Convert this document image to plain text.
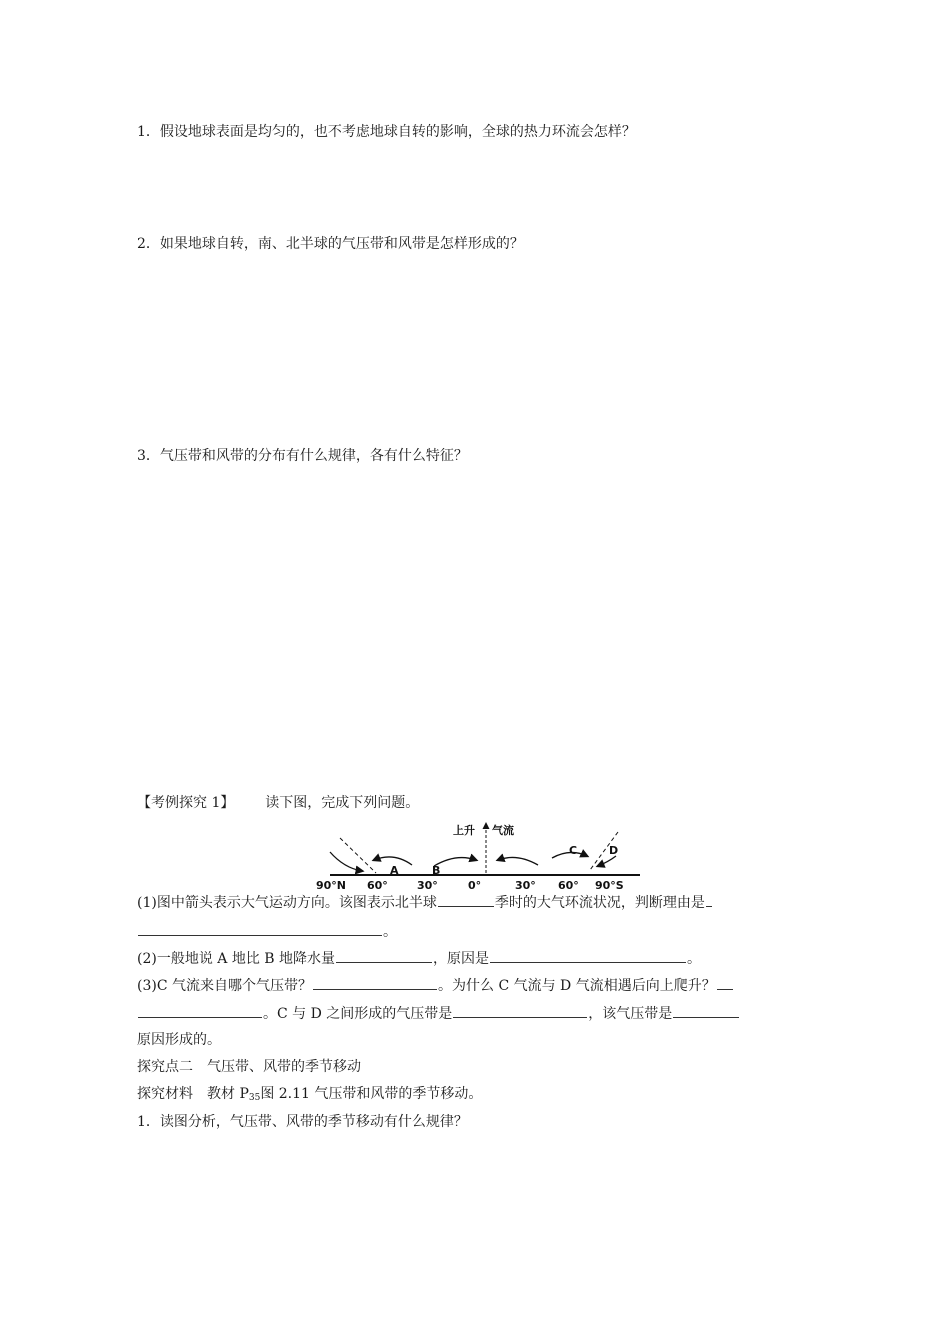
1．假设地球表面是均匀的，也不考虑地球自转的影响，全球的热力环流会怎样？
2．如果地球自转，南、北半球的气压带和风带是怎样形成的？
3．气压带和风带的分布有什么规律，各有什么特征？
【考例探究 1】 读下图，完成下列问题。
上升 气流
A	B
C	D
90°N 60°	30°	0°	30° 60° 90°S
(1)图中箭头表示大气运动方向。该图表示北半球	季时的大气环流状况，判断理由是
。
(2)一般地说 A 地比 B 地降水量	，原因是	。
(3)C 气流来自哪个气压带？	。为什么 C 气流与 D 气流相遇后向上爬升？
。C 与 D 之间形成的气压带是	，该气压带是
原因形成的。
探究点二　气压带、风带的季节移动
探究材料　教材 $P_{35}$图 2.11 气压带和风带的季节移动。
1．读图分析，气压带、风带的季节移动有什么规律？
